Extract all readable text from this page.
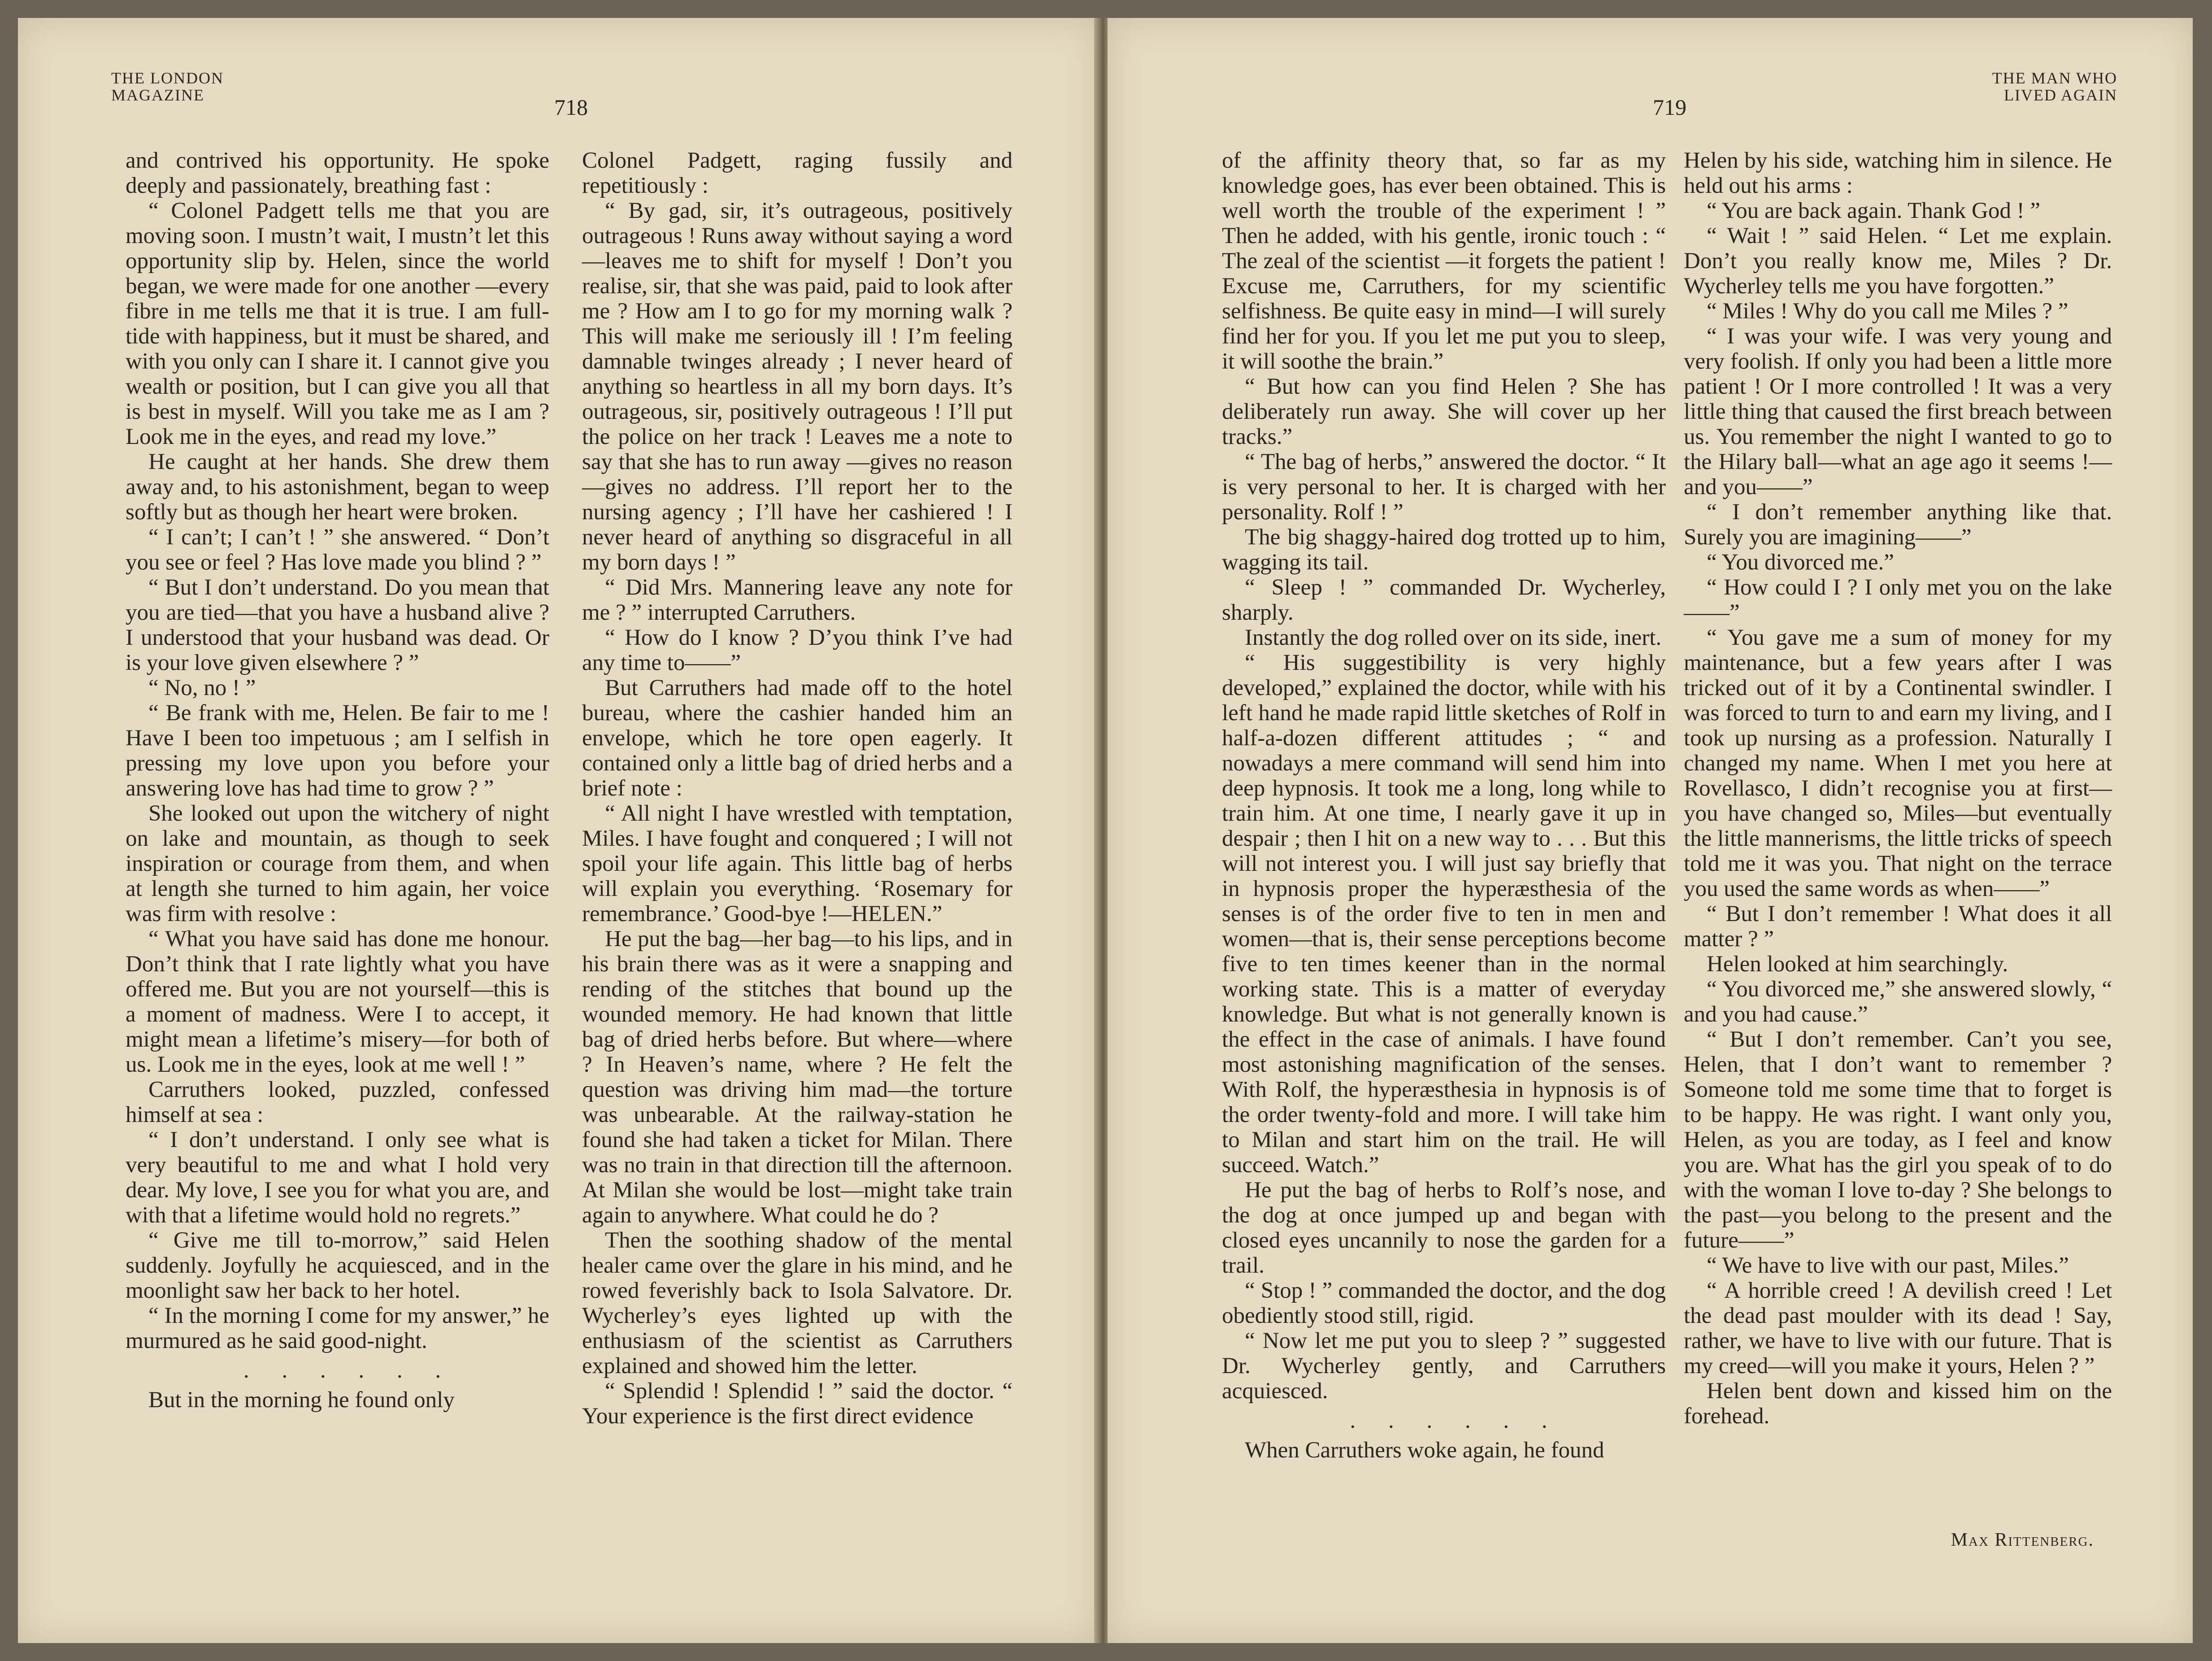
THE LONDON
MAGAZINE	718

and contrived his opportunity. He spoke deeply and passionately, breathing fast :

“ Colonel Padgett tells me that you are moving soon. I mustn’t wait, I mustn’t let this opportunity slip by. Helen, since the world began, we were made for one another —every fibre in me tells me that it is true. I am full-tide with happiness, but it must be shared, and with you only can I share it. I cannot give you wealth or position, but I can give you all that is best in myself. Will you take me as I am ? Look me in the eyes, and read my love.”

He caught at her hands. She drew them away and, to his astonishment, began to weep softly but as though her heart were broken.

“ I can’t; I can’t ! ” she answered. “ Don’t you see or feel ? Has love made you blind ? ”

“ But I don’t understand. Do you mean that you are tied—that you have a husband alive ? I understood that your husband was dead. Or is your love given elsewhere ? ”

“ No, no ! ”

“ Be frank with me, Helen. Be fair to me ! Have I been too impetuous ; am I selfish in pressing my love upon you before your answering love has had time to grow ? ”

She looked out upon the witchery of night on lake and mountain, as though to seek inspiration or courage from them, and when at length she turned to him again, her voice was firm with resolve :

“ What you have said has done me honour. Don’t think that I rate lightly what you have offered me. But you are not yourself—this is a moment of madness. Were I to accept, it might mean a lifetime’s misery—for both of us. Look me in the eyes, look at me well ! ”

Carruthers looked, puzzled, confessed himself at sea :

“ I don’t understand. I only see what is very beautiful to me and what I hold very dear. My love, I see you for what you are, and with that a lifetime would hold no regrets.”

“ Give me till to-morrow,” said Helen suddenly. Joyfully he acquiesced, and in the moonlight saw her back to her hotel.

“ In the morning I come for my answer,” he murmured as he said good-night.

. . . . . .

But in the morning he found only

Colonel Padgett, raging fussily and repetitiously :

“ By gad, sir, it’s outrageous, positively outrageous ! Runs away without saying a word—leaves me to shift for myself ! Don’t you realise, sir, that she was paid, paid to look after me ? How am I to go for my morning walk ? This will make me seriously ill ! I’m feeling damnable twinges already ; I never heard of anything so heartless in all my born days. It’s outrageous, sir, positively outrageous ! I’ll put the police on her track ! Leaves me a note to say that she has to run away —gives no reason—gives no address. I’ll report her to the nursing agency ; I’ll have her cashiered ! I never heard of anything so disgraceful in all my born days ! ”

“ Did Mrs. Mannering leave any note for me ? ” interrupted Carruthers.

“ How do I know ? D’you think I’ve had any time to——”

But Carruthers had made off to the hotel bureau, where the cashier handed him an envelope, which he tore open eagerly. It contained only a little bag of dried herbs and a brief note :

“ All night I have wrestled with temptation, Miles. I have fought and conquered ; I will not spoil your life again. This little bag of herbs will explain you everything. ‘Rosemary for remembrance.’ Good-bye !—HELEN.”

He put the bag—her bag—to his lips, and in his brain there was as it were a snapping and rending of the stitches that bound up the wounded memory. He had known that little bag of dried herbs before. But where—where ? In Heaven’s name, where ? He felt the question was driving him mad—the torture was unbearable. At the railway-station he found she had taken a ticket for Milan. There was no train in that direction till the afternoon. At Milan she would be lost—might take train again to anywhere. What could he do ?

Then the soothing shadow of the mental healer came over the glare in his mind, and he rowed feverishly back to Isola Salvatore. Dr. Wycherley’s eyes lighted up with the enthusiasm of the scientist as Carruthers explained and showed him the letter.

“ Splendid ! Splendid ! ” said the doctor. “ Your experience is the first direct evidence

719
THE MAN WHO
LIVED AGAIN

of the affinity theory that, so far as my knowledge goes, has ever been obtained. This is well worth the trouble of the experiment ! ” Then he added, with his gentle, ironic touch : “ The zeal of the scientist —it forgets the patient ! Excuse me, Carruthers, for my scientific selfishness. Be quite easy in mind—I will surely find her for you. If you let me put you to sleep, it will soothe the brain.”

“ But how can you find Helen ? She has deliberately run away. She will cover up her tracks.”

“ The bag of herbs,” answered the doctor. “ It is very personal to her. It is charged with her personality. Rolf ! ”

The big shaggy-haired dog trotted up to him, wagging its tail.

“ Sleep ! ” commanded Dr. Wycherley, sharply.

Instantly the dog rolled over on its side, inert.

“ His suggestibility is very highly developed,” explained the doctor, while with his left hand he made rapid little sketches of Rolf in half-a-dozen different attitudes ; “ and nowadays a mere command will send him into deep hypnosis. It took me a long, long while to train him. At one time, I nearly gave it up in despair ; then I hit on a new way to . . . But this will not interest you. I will just say briefly that in hypnosis proper the hyperæsthesia of the senses is of the order five to ten in men and women—that is, their sense perceptions become five to ten times keener than in the normal working state. This is a matter of everyday knowledge. But what is not generally known is the effect in the case of animals. I have found most astonishing magnification of the senses. With Rolf, the hyperæsthesia in hypnosis is of the order twenty-fold and more. I will take him to Milan and start him on the trail. He will succeed. Watch.”

He put the bag of herbs to Rolf’s nose, and the dog at once jumped up and began with closed eyes uncannily to nose the garden for a trail.

“ Stop ! ” commanded the doctor, and the dog obediently stood still, rigid.

“ Now let me put you to sleep ? ” suggested Dr. Wycherley gently, and Carruthers acquiesced.

. . . . . .

When Carruthers woke again, he found

Helen by his side, watching him in silence. He held out his arms :

“ You are back again. Thank God ! ”

“ Wait ! ” said Helen. “ Let me explain. Don’t you really know me, Miles ? Dr. Wycherley tells me you have forgotten.”

“ Miles ! Why do you call me Miles ? ”

“ I was your wife. I was very young and very foolish. If only you had been a little more patient ! Or I more controlled ! It was a very little thing that caused the first breach between us. You remember the night I wanted to go to the Hilary ball—what an age ago it seems !—and you——”

“ I don’t remember anything like that. Surely you are imagining——”

“ You divorced me.”

“ How could I ? I only met you on the lake——”

“ You gave me a sum of money for my maintenance, but a few years after I was tricked out of it by a Continental swindler. I was forced to turn to and earn my living, and I took up nursing as a profession. Naturally I changed my name. When I met you here at Rovellasco, I didn’t recognise you at first—you have changed so, Miles—but eventually the little mannerisms, the little tricks of speech told me it was you. That night on the terrace you used the same words as when——”

“ But I don’t remember ! What does it all matter ? ”

Helen looked at him searchingly.

“ You divorced me,” she answered slowly, “ and you had cause.”

“ But I don’t remember. Can’t you see, Helen, that I don’t want to remember ? Someone told me some time that to forget is to be happy. He was right. I want only you, Helen, as you are today, as I feel and know you are. What has the girl you speak of to do with the woman I love to-day ? She belongs to the past—you belong to the present and the future——”

“ We have to live with our past, Miles.”

“ A horrible creed ! A devilish creed ! Let the dead past moulder with its dead ! Say, rather, we have to live with our future. That is my creed—will you make it yours, Helen ? ”

Helen bent down and kissed him on the forehead.

Max Rittenberg.
